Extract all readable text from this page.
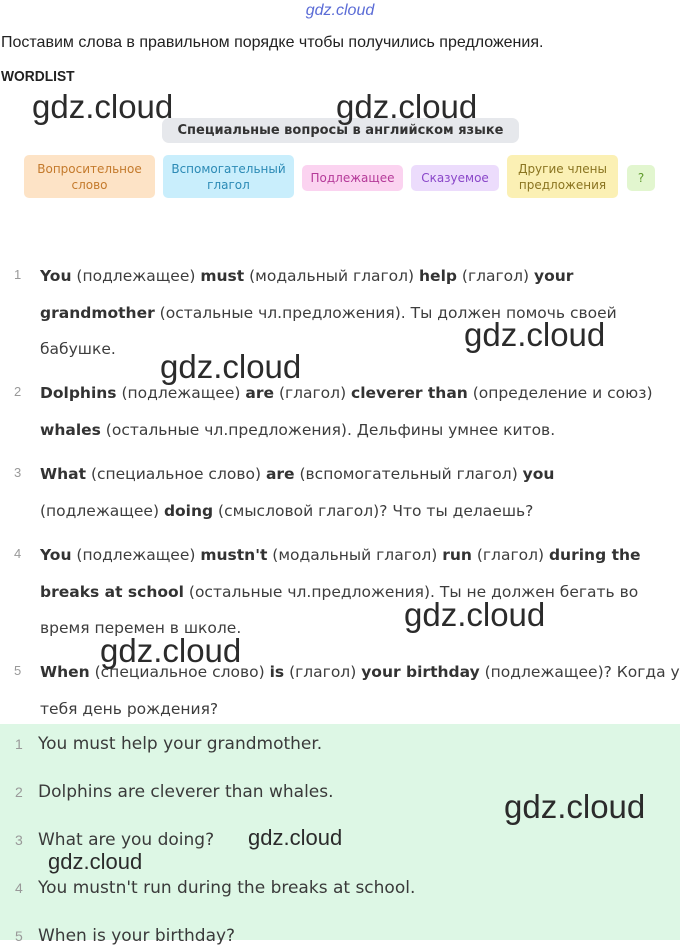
gdz.cloud
Поставим слова в правильном порядке чтобы получились предложения.
WORDLIST
Специальные вопросы в английском языке
Вопросительное слово
Вспомогательный глагол	Подлежащее	Сказуемое
Другие члены предложения	?
1 You (подлежащее) must (модальный глагол) help (глагол) your
grandmother (остальные чл.предложения). Ты должен помочь своей
бабушке.
2 Dolphins (подлежащее) are (глагол) cleverer than (определение и союз)
whales (остальные чл.предложения). Дельфины умнее китов.
3 What (специальное слово) are (вспомогательный глагол) you
(подлежащее) doing (смысловой глагол)? Что ты делаешь?
4 You (подлежащее) mustn't (модальный глагол) run (глагол) during the
breaks at school (остальные чл.предложения). Ты не должен бегать во
время перемен в школе.
5 When (специальное слово) is (глагол) your birthday (подлежащее)? Когда у
тебя день рождения?
1 You must help your grandmother.
2 Dolphins are cleverer than whales.
3 What are you doing?
4 You mustn't run during the breaks at school.
5 When is your birthday?
gdz.cloud	gdz.cloud
gdz.cloud
gdz.cloud
gdz.cloud
gdz.cloud
gdz.cloud
gdz.cloud
gdz.cloud
